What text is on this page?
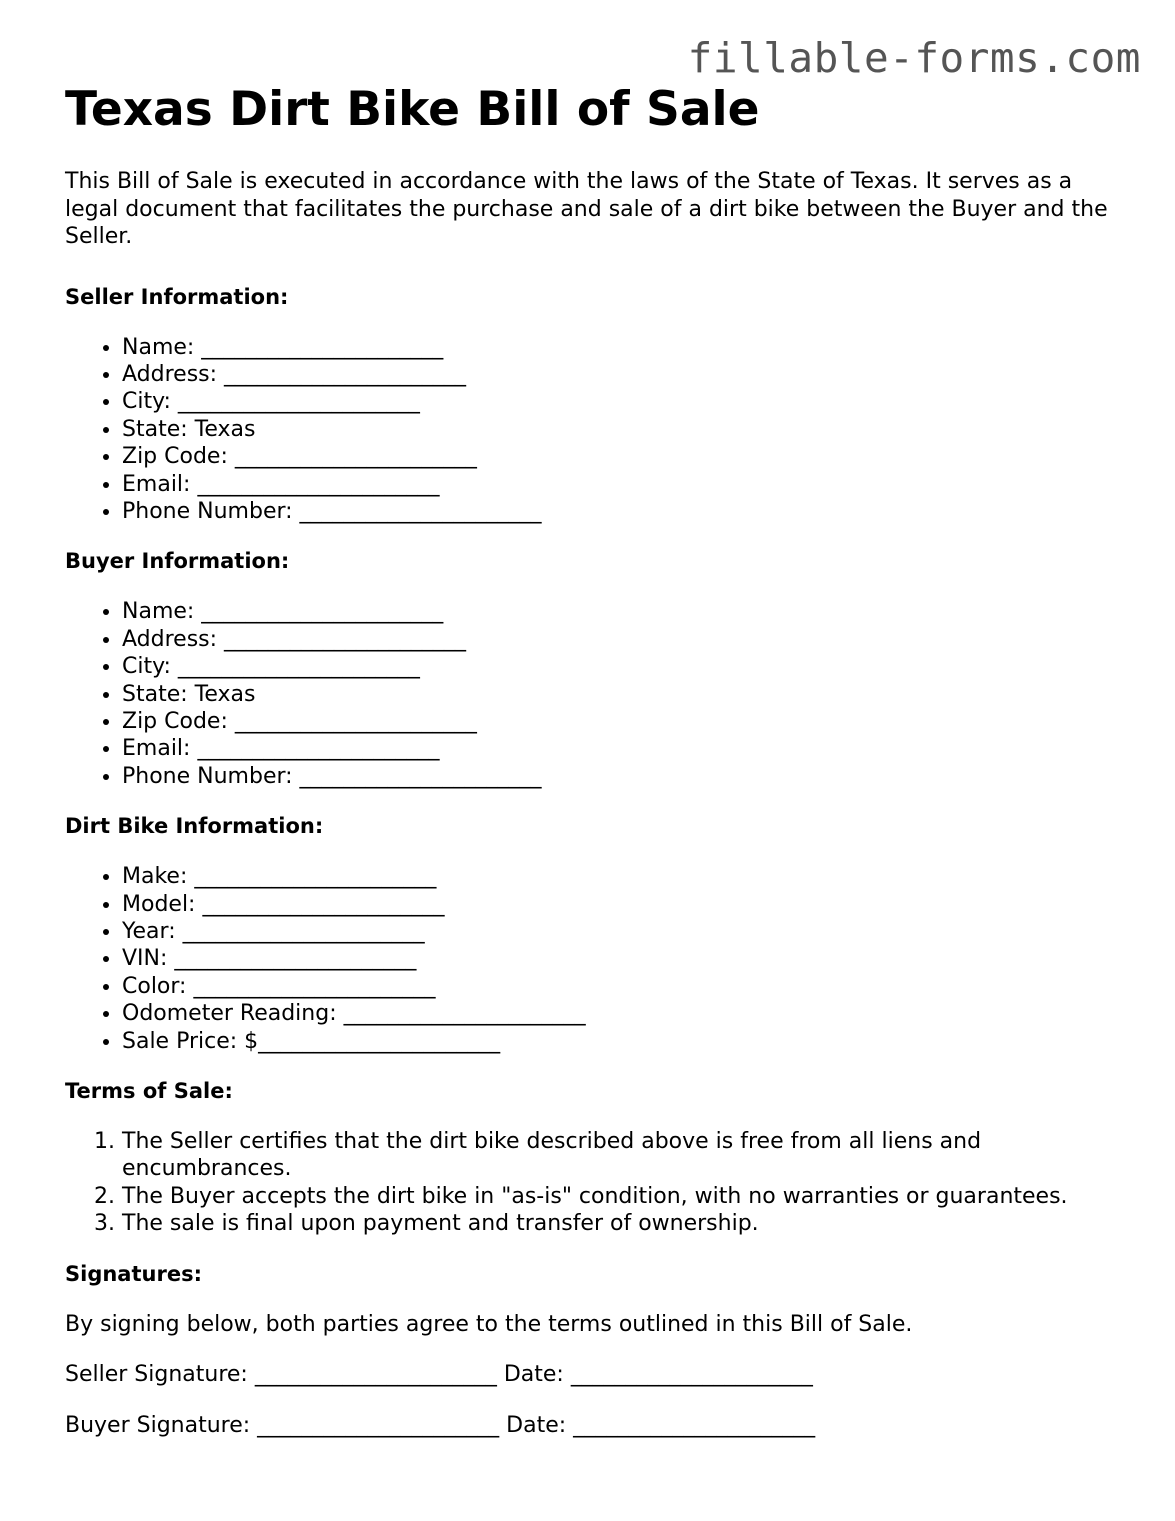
fillable-forms.com
Texas Dirt Bike Bill of Sale

This Bill of Sale is executed in accordance with the laws of the State of Texas. It serves as a legal document that facilitates the purchase and sale of a dirt bike between the Buyer and the Seller.

Seller Information:

• Name: ______________________
• Address: ______________________
• City: ______________________
• State: Texas
• Zip Code: ______________________
• Email: ______________________
• Phone Number: ______________________

Buyer Information:

• Name: ______________________
• Address: ______________________
• City: ______________________
• State: Texas
• Zip Code: ______________________
• Email: ______________________
• Phone Number: ______________________

Dirt Bike Information:

• Make: ______________________
• Model: ______________________
• Year: ______________________
• VIN: ______________________
• Color: ______________________
• Odometer Reading: ______________________
• Sale Price: $______________________

Terms of Sale:

1. The Seller certifies that the dirt bike described above is free from all liens and encumbrances.
2. The Buyer accepts the dirt bike in "as-is" condition, with no warranties or guarantees.
3. The sale is final upon payment and transfer of ownership.

Signatures:

By signing below, both parties agree to the terms outlined in this Bill of Sale.

Seller Signature: ______________________ Date: ______________________

Buyer Signature: ______________________ Date: ______________________
